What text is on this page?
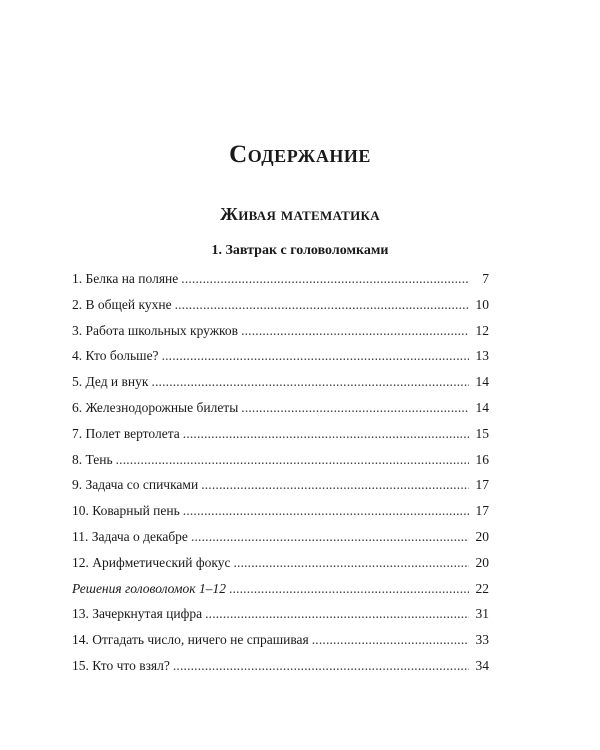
Содержание
Живая математика
1. Завтрак с головоломками
1. Белка на поляне . . .	7
2. В общей кухне . . .	10
3. Работа школьных кружков . . .	12
4. Кто больше? . . .	13
5. Дед и внук . . .	14
6. Железнодорожные билеты . . .	14
7. Полет вертолета . . .	15
8. Тень . . .	16
9. Задача со спичками . . .	17
10. Коварный пень . . .	17
11. Задача о декабре . . .	20
12. Арифметический фокус . . .	20
Решения головоломок 1–12 . . .	22
13. Зачеркнутая цифра . . .	31
14. Отгадать число, ничего не спрашивая . . .	33
15. Кто что взял? . . .	34
